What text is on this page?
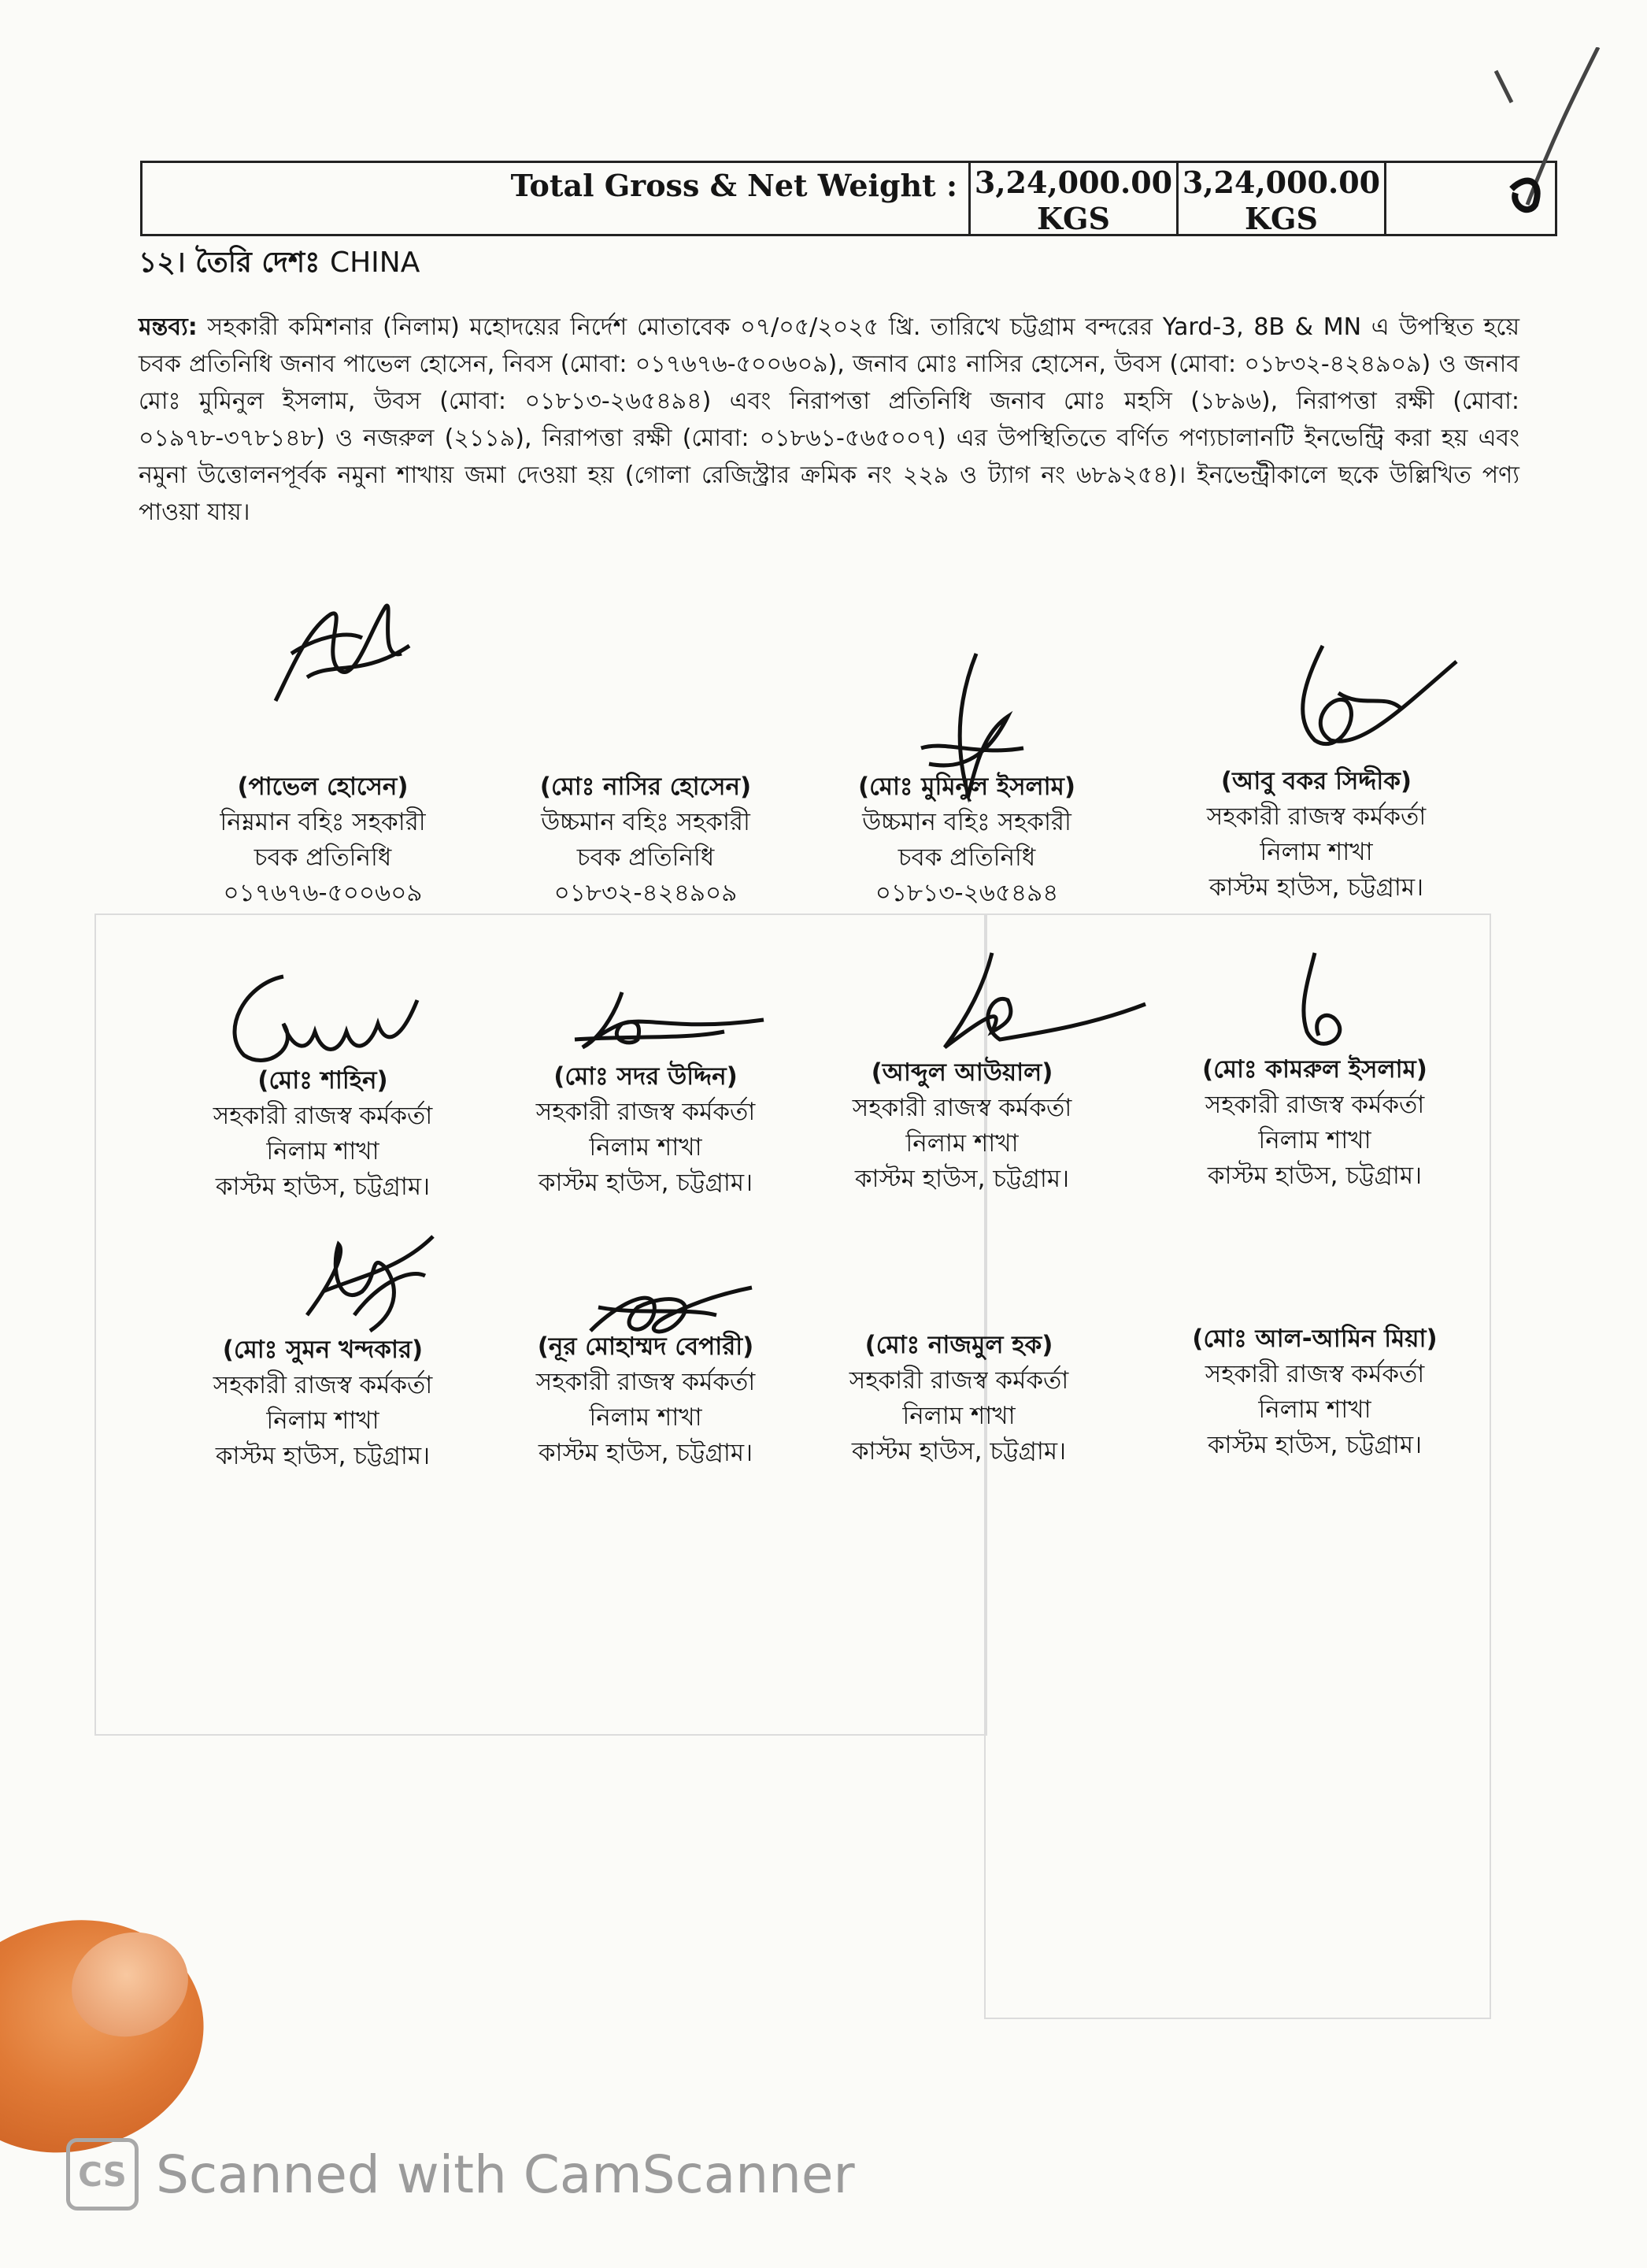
Total Gross & Net Weight : 3,24,000.00
KGS
3,24,000.00
KGS
১২। তৈরি দেশঃ CHINA
মন্তব্য: সহকারী কমিশনার (নিলাম) মহোদয়ের নির্দেশ মোতাবেক ০৭/০৫/২০২৫ খ্রি. তারিখে চট্টগ্রাম বন্দরের Yard-3, 8B & MN এ উপস্থিত হয়ে চবক প্রতিনিধি জনাব পাভেল হোসেন, নিবস (মোবা: ০১৭৬৭৬-৫০০৬০৯), জনাব মোঃ নাসির হোসেন, উবস (মোবা: ০১৮৩২-৪২৪৯০৯) ও জনাব মোঃ মুমিনুল ইসলাম, উবস (মোবা: ০১৮১৩-২৬৫৪৯৪) এবং নিরাপত্তা প্রতিনিধি জনাব মোঃ মহসি (১৮৯৬), নিরাপত্তা রক্ষী (মোবা: ০১৯৭৮-৩৭৮১৪৮) ও নজরুল (২১১৯), নিরাপত্তা রক্ষী (মোবা: ০১৮৬১-৫৬৫০০৭) এর উপস্থিতিতে বর্ণিত পণ্যচালানটি ইনভেন্ট্রি করা হয় এবং নমুনা উত্তোলনপূর্বক নমুনা শাখায় জমা দেওয়া হয় (গোলা রেজিস্ট্রার ক্রমিক নং ২২৯ ও ট্যাগ নং ৬৮৯২৫৪)। ইনভেন্ট্রীকালে ছকে উল্লিখিত পণ্য পাওয়া যায়।
(পাভেল হোসেন)
নিম্নমান বহিঃ সহকারী
চবক প্রতিনিধি
০১৭৬৭৬-৫০০৬০৯
(মোঃ নাসির হোসেন)
উচ্চমান বহিঃ সহকারী
চবক প্রতিনিধি
০১৮৩২-৪২৪৯০৯
(মোঃ মুমিনুল ইসলাম)
উচ্চমান বহিঃ সহকারী
চবক প্রতিনিধি
০১৮১৩-২৬৫৪৯৪
(আবু বকর সিদ্দীক)
সহকারী রাজস্ব কর্মকর্তা
নিলাম শাখা
কাস্টম হাউস, চট্টগ্রাম।
(মোঃ শাহিন)
সহকারী রাজস্ব কর্মকর্তা
নিলাম শাখা
কাস্টম হাউস, চট্টগ্রাম।
(মোঃ সদর উদ্দিন)
সহকারী রাজস্ব কর্মকর্তা
নিলাম শাখা
কাস্টম হাউস, চট্টগ্রাম।
(আব্দুল আউয়াল)
সহকারী রাজস্ব কর্মকর্তা
নিলাম শাখা
কাস্টম হাউস, চট্টগ্রাম।
(মোঃ কামরুল ইসলাম)
সহকারী রাজস্ব কর্মকর্তা
নিলাম শাখা
কাস্টম হাউস, চট্টগ্রাম।
(মোঃ সুমন খন্দকার)
সহকারী রাজস্ব কর্মকর্তা
নিলাম শাখা
কাস্টম হাউস, চট্টগ্রাম।
(নূর মোহাম্মদ বেপারী)
সহকারী রাজস্ব কর্মকর্তা
নিলাম শাখা
কাস্টম হাউস, চট্টগ্রাম।
(মোঃ নাজমুল হক)
সহকারী রাজস্ব কর্মকর্তা
নিলাম শাখা
কাস্টম হাউস, চট্টগ্রাম।
(মোঃ আল-আমিন মিয়া)
সহকারী রাজস্ব কর্মকর্তা
নিলাম শাখা
কাস্টম হাউস, চট্টগ্রাম।
CS Scanned with CamScanner
